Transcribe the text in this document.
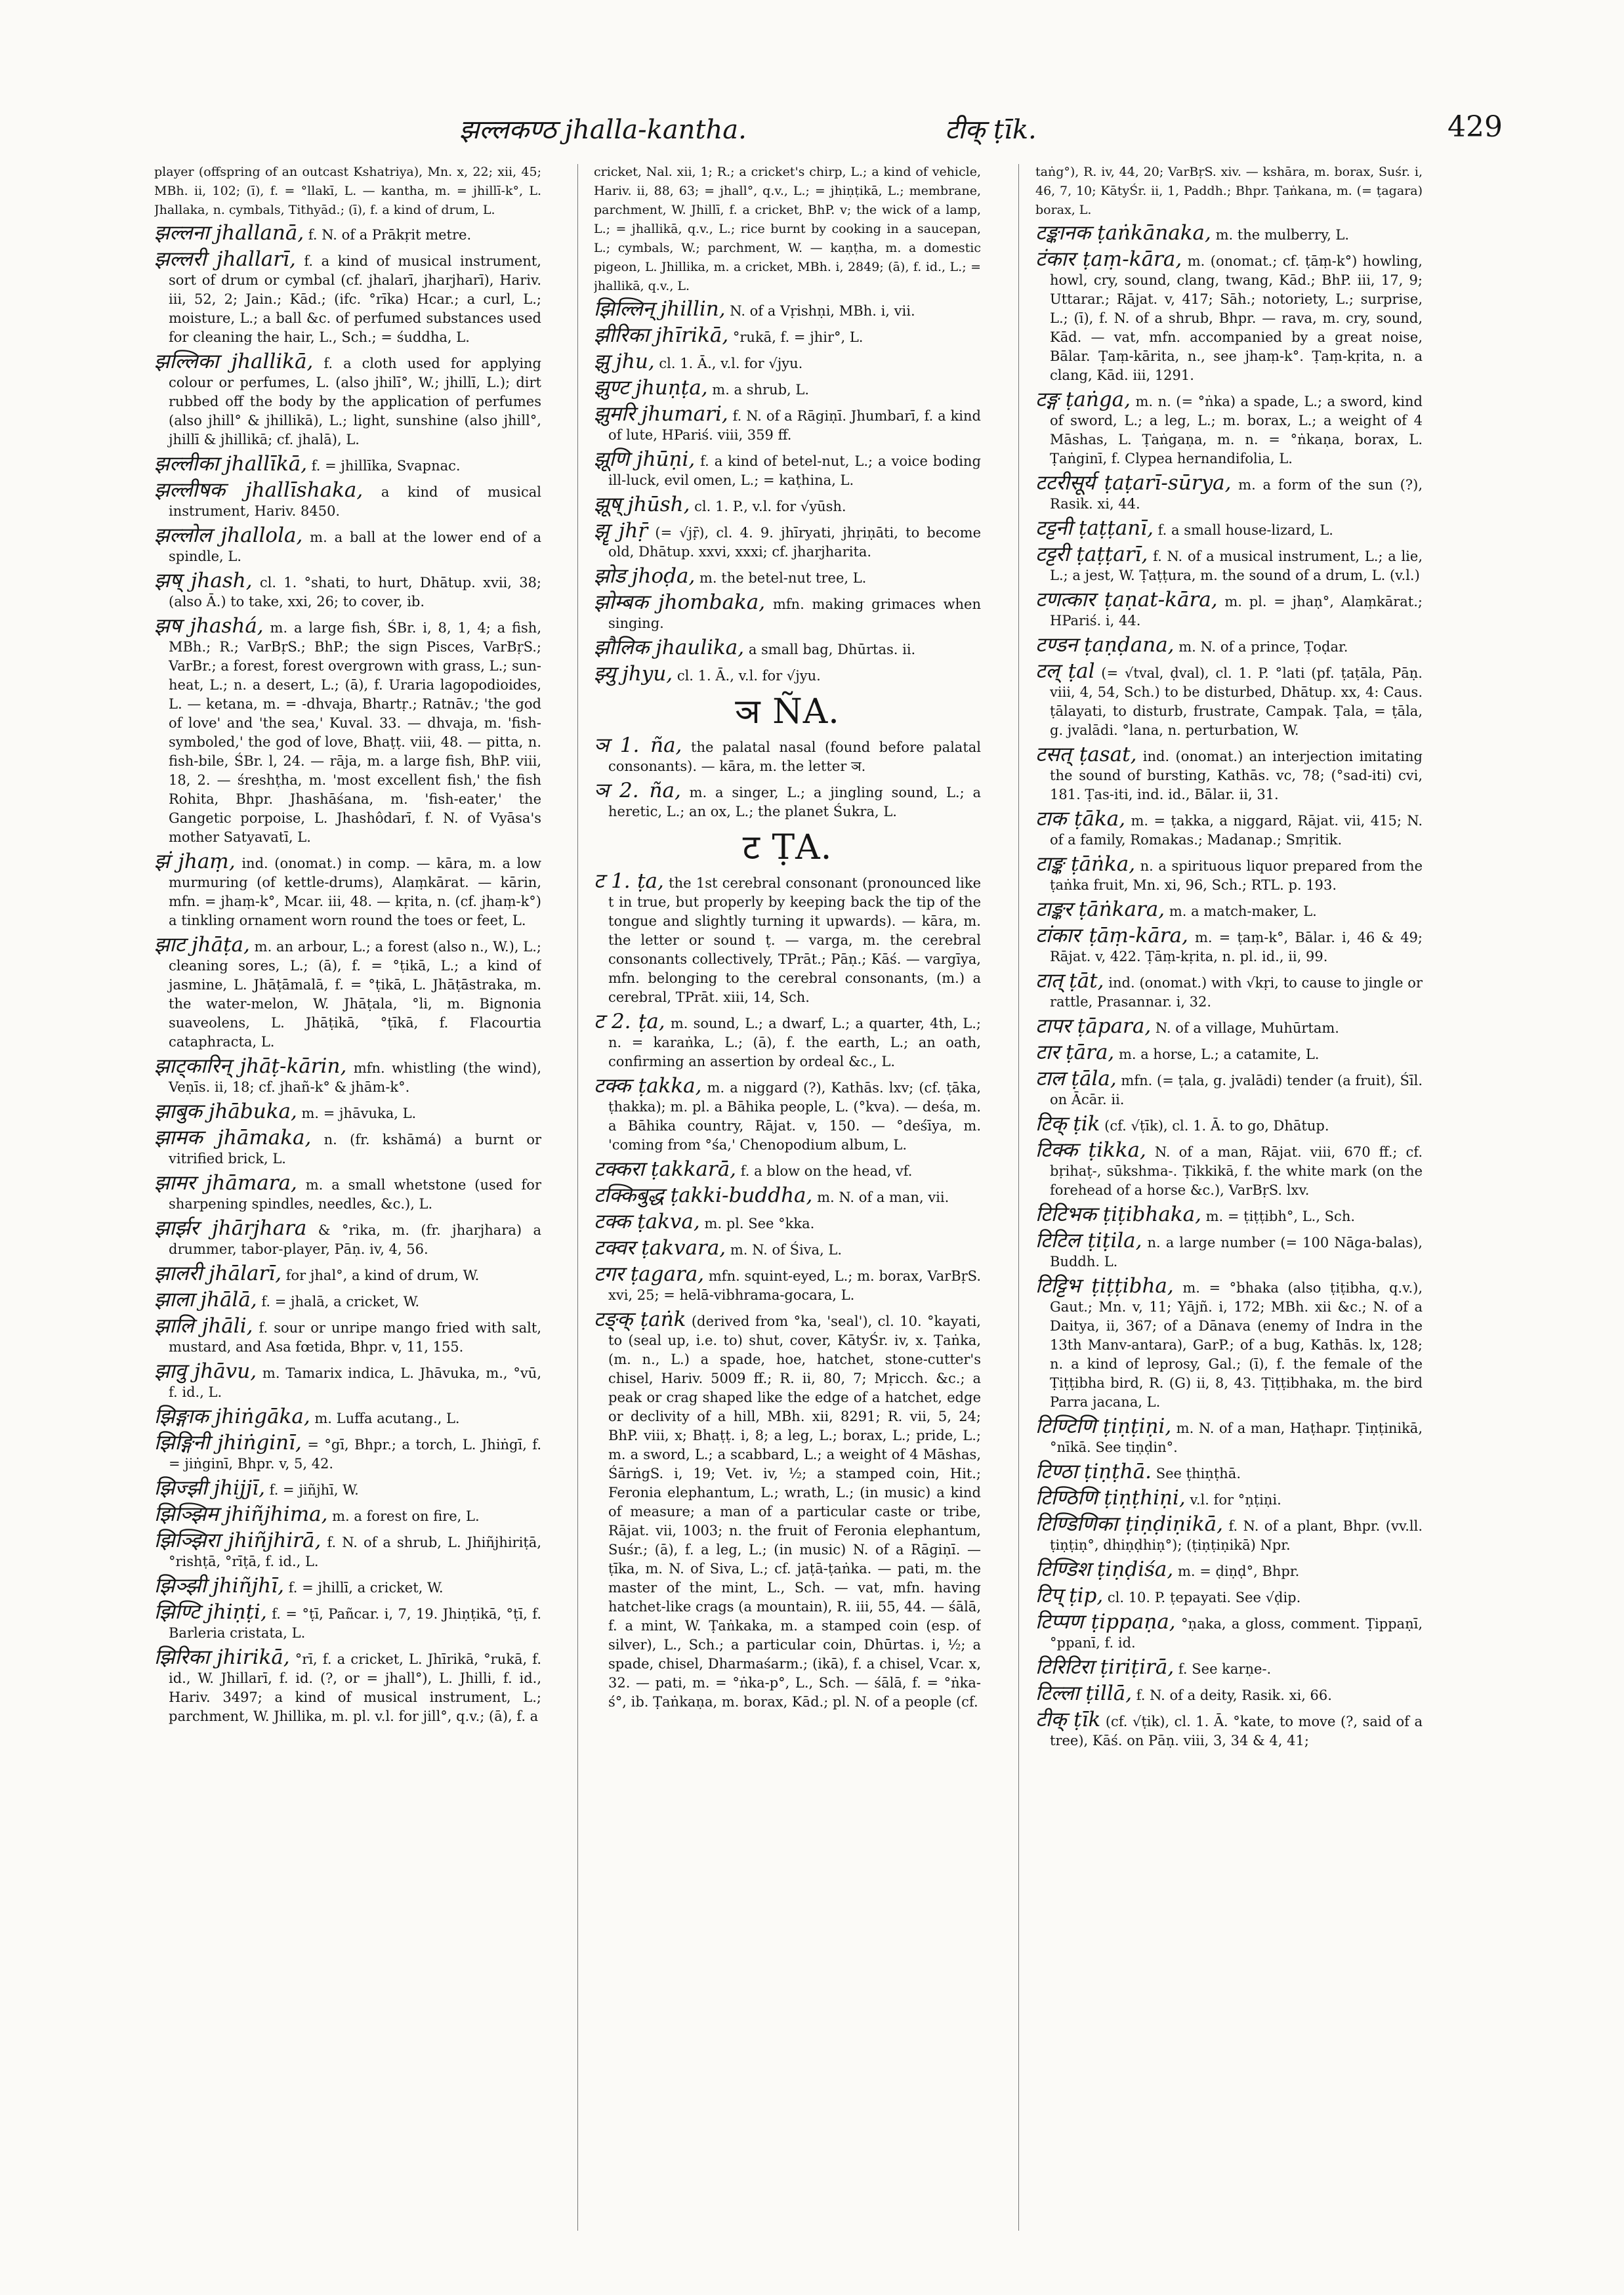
झल्लकण्ठ jhalla-kantha.	टीक् ṭīk.	429
player (offspring of an outcast Kshatriya), Mn. x, 22; xii, 45; MBh. ii, 102; (ī), f. = °llakī, L. — kantha, m. = jhillī-k°, L. Jhallaka, n. cymbals, Tithyād.; (ī), f. a kind of drum, L.
झल्लना jhallanā, f. N. of a Prākṛit metre.
झल्लरी jhallarī, f. a kind of musical instrument, sort of drum or cymbal (cf. jhalarī, jharjharī), Hariv. iii, 52, 2; Jain.; Kād.; (ifc. °rīka) Hcar.; a curl, L.; moisture, L.; a ball &c. of perfumed substances used for cleaning the hair, L., Sch.; = śuddha, L.
झल्लिका jhallikā, f. a cloth used for applying colour or perfumes, L. (also jhilī°, W.; jhillī, L.); dirt rubbed off the body by the application of perfumes (also jhill° & jhillikā), L.; light, sunshine (also jhill°, jhillī & jhillikā; cf. jhalā), L.
झल्लीका jhallīkā, f. = jhillīka, Svapnac.
झल्लीषक jhallīshaka, a kind of musical instrument, Hariv. 8450.
झल्लोल jhallola, m. a ball at the lower end of a spindle, L.
झष् jhash, cl. 1. °shati, to hurt, Dhātup. xvii, 38; (also Ā.) to take, xxi, 26; to cover, ib.
झष jhashá, m. a large fish, ŚBr. i, 8, 1, 4; a fish, MBh.; R.; VarBṛS.; BhP.; the sign Pisces, VarBṛS.; VarBr.; a forest, forest overgrown with grass, L.; sun-heat, L.; n. a desert, L.; (ā), f. Uraria lagopodioides, L. — ketana, m. = -dhvaja, Bhartṛ.; Ratnāv.; 'the god of love' and 'the sea,' Kuval. 33. — dhvaja, m. 'fish-symboled,' the god of love, Bhaṭṭ. viii, 48. — pitta, n. fish-bile, ŚBr. l, 24. — rāja, m. a large fish, BhP. viii, 18, 2. — śreshṭha, m. 'most excellent fish,' the fish Rohita, Bhpr. Jhashāśana, m. 'fish-eater,' the Gangetic porpoise, L. Jhashôdarī, f. N. of Vyāsa's mother Satyavatī, L.
झं jhaṃ, ind. (onomat.) in comp. — kāra, m. a low murmuring (of kettle-drums), Alaṃkārat. — kārin, mfn. = jhaṃ-k°, Mcar. iii, 48. — kṛita, n. (cf. jhaṃ-k°) a tinkling ornament worn round the toes or feet, L.
झाट jhāṭa, m. an arbour, L.; a forest (also n., W.), L.; cleaning sores, L.; (ā), f. = °ṭikā, L.; a kind of jasmine, L. Jhāṭāmalā, f. = °ṭikā, L. Jhāṭāstraka, m. the water-melon, W. Jhāṭala, °li, m. Bignonia suaveolens, L. Jhāṭikā, °ṭīkā, f. Flacourtia cataphracta, L.
झाट्कारिन् jhāṭ-kārin, mfn. whistling (the wind), Veṇīs. ii, 18; cf. jhañ-k° & jhām-k°.
झाबुक jhābuka, m. = jhāvuka, L.
झामक jhāmaka, n. (fr. kshāmá) a burnt or vitrified brick, L.
झामर jhāmara, m. a small whetstone (used for sharpening spindles, needles, &c.), L.
झार्झर jhārjhara & °rika, m. (fr. jharjhara) a drummer, tabor-player, Pāṇ. iv, 4, 56.
झालरी jhālarī, for jhal°, a kind of drum, W.
झाला jhālā, f. = jhalā, a cricket, W.
झालि jhāli, f. sour or unripe mango fried with salt, mustard, and Asa fœtida, Bhpr. v, 11, 155.
झावु jhāvu, m. Tamarix indica, L. Jhāvuka, m., °vū, f. id., L.
झिङ्गाक jhiṅgāka, m. Luffa acutang., L.
झिङ्गिनी jhiṅginī, = °gī, Bhpr.; a torch, L. Jhiṅgī, f. = jiṅginī, Bhpr. v, 5, 42.
झिज्झी jhijjī, f. = jiñjhī, W.
झिञ्झिम jhiñjhima, m. a forest on fire, L.
झिञ्झिरा jhiñjhirā, f. N. of a shrub, L. Jhiñjhiriṭā, °rishṭā, °rīṭā, f. id., L.
झिञ्झी jhiñjhī, f. = jhillī, a cricket, W.
झिण्टि jhiṇṭi, f. = °ṭī, Pañcar. i, 7, 19. Jhiṇṭikā, °ṭī, f. Barleria cristata, L.
झिरिका jhirikā, °rī, f. a cricket, L. Jhīrikā, °rukā, f. id., W. Jhillarī, f. id. (?, or = jhall°), L. Jhilli, f. id., Hariv. 3497; a kind of musical instrument, L.; parchment, W. Jhillika, m. pl. v.l. for jill°, q.v.; (ā), f. a
cricket, Nal. xii, 1; R.; a cricket's chirp, L.; a kind of vehicle, Hariv. ii, 88, 63; = jhall°, q.v., L.; = jhiṇṭikā, L.; membrane, parchment, W. Jhillī, f. a cricket, BhP. v; the wick of a lamp, L.; = jhallikā, q.v., L.; rice burnt by cooking in a saucepan, L.; cymbals, W.; parchment, W. — kaṇṭha, m. a domestic pigeon, L. Jhillika, m. a cricket, MBh. i, 2849; (ā), f. id., L.; = jhallikā, q.v., L.
झिल्लिन् jhillin, N. of a Vṛishṇi, MBh. i, vii.
झीरिका jhīrikā, °rukā, f. = jhir°, L.
झु jhu, cl. 1. Ā., v.l. for √jyu.
झुण्ट jhuṇṭa, m. a shrub, L.
झुमरि jhumari, f. N. of a Rāgiṇī. Jhumbarī, f. a kind of lute, HPariś. viii, 359 ff.
झूणि jhūṇi, f. a kind of betel-nut, L.; a voice boding ill-luck, evil omen, L.; = kaṭhina, L.
झूष् jhūsh, cl. 1. P., v.l. for √yūsh.
झॄ jhṝ (= √jṝ), cl. 4. 9. jhīryati, jhṛiṇāti, to become old, Dhātup. xxvi, xxxi; cf. jharjharita.
झोड jhoḍa, m. the betel-nut tree, L.
झोम्बक jhombaka, mfn. making grimaces when singing.
झौलिक jhaulika, a small bag, Dhūrtas. ii.
झ्यु jhyu, cl. 1. Ā., v.l. for √jyu.
ञ ÑA.
ञ 1. ña, the palatal nasal (found before palatal consonants). — kāra, m. the letter ञ.
ञ 2. ña, m. a singer, L.; a jingling sound, L.; a heretic, L.; an ox, L.; the planet Śukra, L.
ट ṬA.
ट 1. ṭa, the 1st cerebral consonant (pronounced like t in true, but properly by keeping back the tip of the tongue and slightly turning it upwards). — kāra, m. the letter or sound ṭ. — varga, m. the cerebral consonants collectively, TPrāt.; Pāṇ.; Kāś. — vargīya, mfn. belonging to the cerebral consonants, (m.) a cerebral, TPrāt. xiii, 14, Sch.
ट 2. ṭa, m. sound, L.; a dwarf, L.; a quarter, 4th, L.; n. = karaṅka, L.; (ā), f. the earth, L.; an oath, confirming an assertion by ordeal &c., L.
टक्क ṭakka, m. a niggard (?), Kathās. lxv; (cf. ṭāka, ṭhakka); m. pl. a Bāhika people, L. (°kva). — deśa, m. a Bāhika country, Rājat. v, 150. — °deśīya, m. 'coming from °śa,' Chenopodium album, L.
टक्करा ṭakkarā, f. a blow on the head, vf.
टक्किबुद्ध ṭakki-buddha, m. N. of a man, vii.
टक्क ṭakva, m. pl. See °kka.
टक्वर ṭakvara, m. N. of Śiva, L.
टगर ṭagara, mfn. squint-eyed, L.; m. borax, VarBṛS. xvi, 25; = helā-vibhrama-gocara, L.
टङ्क् ṭaṅk (derived from °ka, 'seal'), cl. 10. °kayati, to (seal up, i.e. to) shut, cover, KātyŚr. iv, x. Ṭaṅka, (m. n., L.) a spade, hoe, hatchet, stone-cutter's chisel, Hariv. 5009 ff.; R. ii, 80, 7; Mṛicch. &c.; a peak or crag shaped like the edge of a hatchet, edge or declivity of a hill, MBh. xii, 8291; R. vii, 5, 24; BhP. viii, x; Bhaṭṭ. i, 8; a leg, L.; borax, L.; pride, L.; m. a sword, L.; a scabbard, L.; a weight of 4 Māshas, ŚārṅgS. i, 19; Vet. iv, ½; a stamped coin, Hit.; Feronia elephantum, L.; wrath, L.; (in music) a kind of measure; a man of a particular caste or tribe, Rājat. vii, 1003; n. the fruit of Feronia elephantum, Suśr.; (ā), f. a leg, L.; (in music) N. of a Rāgiṇī. — ṭīka, m. N. of Siva, L.; cf. jaṭā-ṭaṅka. — pati, m. the master of the mint, L., Sch. — vat, mfn. having hatchet-like crags (a mountain), R. iii, 55, 44. — śālā, f. a mint, W. Ṭaṅkaka, m. a stamped coin (esp. of silver), L., Sch.; a particular coin, Dhūrtas. i, ½; a spade, chisel, Dharmaśarm.; (ikā), f. a chisel, Vcar. x, 32. — pati, m. = °ṅka-p°, L., Sch. — śālā, f. = °ṅka-ś°, ib. Ṭaṅkaṇa, m. borax, Kād.; pl. N. of a people (cf.
taṅg°), R. iv, 44, 20; VarBṛS. xiv. — kshāra, m. borax, Suśr. i, 46, 7, 10; KātyŚr. ii, 1, Paddh.; Bhpr. Ṭaṅkana, m. (= ṭagara) borax, L.
टङ्कानक ṭaṅkānaka, m. the mulberry, L.
टंकार ṭaṃ-kāra, m. (onomat.; cf. ṭāṃ-k°) howling, howl, cry, sound, clang, twang, Kād.; BhP. iii, 17, 9; Uttarar.; Rājat. v, 417; Sāh.; notoriety, L.; surprise, L.; (ī), f. N. of a shrub, Bhpr. — rava, m. cry, sound, Kād. — vat, mfn. accompanied by a great noise, Bālar. Ṭaṃ-kārita, n., see jhaṃ-k°. Ṭaṃ-kṛita, n. a clang, Kād. iii, 1291.
टङ्ग ṭaṅga, m. n. (= °ṅka) a spade, L.; a sword, kind of sword, L.; a leg, L.; m. borax, L.; a weight of 4 Māshas, L. Ṭaṅgaṇa, m. n. = °ṅkaṇa, borax, L. Ṭaṅginī, f. Clypea hernandifolia, L.
टटरीसूर्य ṭaṭarī-sūrya, m. a form of the sun (?), Rasik. xi, 44.
टट्टनी ṭaṭṭanī, f. a small house-lizard, L.
टट्टरी ṭaṭṭarī, f. N. of a musical instrument, L.; a lie, L.; a jest, W. Ṭaṭṭura, m. the sound of a drum, L. (v.l.)
टणत्कार ṭaṇat-kāra, m. pl. = jhaṇ°, Alaṃkārat.; HPariś. i, 44.
टण्डन ṭaṇḍana, m. N. of a prince, Ṭoḍar.
टल् ṭal (= √tval, ḍval), cl. 1. P. °lati (pf. ṭaṭāla, Pāṇ. viii, 4, 54, Sch.) to be disturbed, Dhātup. xx, 4: Caus. ṭālayati, to disturb, frustrate, Campak. Ṭala, = ṭāla, g. jvalādi. °lana, n. perturbation, W.
टसत् ṭasat, ind. (onomat.) an interjection imitating the sound of bursting, Kathās. vc, 78; (°sad-iti) cvi, 181. Ṭas-iti, ind. id., Bālar. ii, 31.
टाक ṭāka, m. = ṭakka, a niggard, Rājat. vii, 415; N. of a family, Romakas.; Madanap.; Smṛitik.
टाङ्क ṭāṅka, n. a spirituous liquor prepared from the ṭaṅka fruit, Mn. xi, 96, Sch.; RTL. p. 193.
टाङ्कर ṭāṅkara, m. a match-maker, L.
टांकार ṭāṃ-kāra, m. = ṭaṃ-k°, Bālar. i, 46 & 49; Rājat. v, 422. Ṭāṃ-kṛita, n. pl. id., ii, 99.
टात् ṭāt, ind. (onomat.) with √kṛi, to cause to jingle or rattle, Prasannar. i, 32.
टापर ṭāpara, N. of a village, Muhūrtam.
टार ṭāra, m. a horse, L.; a catamite, L.
टाल ṭāla, mfn. (= ṭala, g. jvalādi) tender (a fruit), Śīl. on Ācār. ii.
टिक् ṭik (cf. √ṭīk), cl. 1. Ā. to go, Dhātup.
टिक्क ṭikka, N. of a man, Rājat. viii, 670 ff.; cf. bṛihaṭ-, sūkshma-. Ṭikkikā, f. the white mark (on the forehead of a horse &c.), VarBṛS. lxv.
टिटिभक ṭiṭibhaka, m. = ṭiṭṭibh°, L., Sch.
टिटिल ṭiṭila, n. a large number (= 100 Nāga-balas), Buddh. L.
टिट्टिभ ṭiṭṭibha, m. = °bhaka (also ṭiṭibha, q.v.), Gaut.; Mn. v, 11; Yājñ. i, 172; MBh. xii &c.; N. of a Daitya, ii, 367; of a Dānava (enemy of Indra in the 13th Manv-antara), GarP.; of a bug, Kathās. lx, 128; n. a kind of leprosy, Gal.; (ī), f. the female of the Ṭiṭṭibha bird, R. (G) ii, 8, 43. Ṭiṭṭibhaka, m. the bird Parra jacana, L.
टिण्टिणि ṭiṇṭiṇi, m. N. of a man, Haṭhapr. Ṭiṇṭinikā, °nīkā. See tiṇḍin°.
टिण्ठा ṭiṇṭhā. See ṭhiṇṭhā.
टिण्ठिणि ṭiṇṭhiṇi, v.l. for °ṇṭiṇi.
टिण्डिणिका ṭiṇḍiṇikā, f. N. of a plant, Bhpr. (vv.ll. ṭiṇṭiṇ°, dhiṇḍhiṇ°); (ṭiṇṭiṇikā) Npr.
टिण्डिश ṭiṇḍiśa, m. = ḍiṇḍ°, Bhpr.
टिप् ṭip, cl. 10. P. ṭepayati. See √ḍip.
टिप्पण ṭippaṇa, °ṇaka, a gloss, comment. Ṭippaṇī, °ppanī, f. id.
टिरिटिरा ṭiriṭirā, f. See karṇe-.
टिल्ला ṭillā, f. N. of a deity, Rasik. xi, 66.
टीक् ṭīk (cf. √ṭik), cl. 1. Ā. °kate, to move (?, said of a tree), Kāś. on Pāṇ. viii, 3, 34 & 4, 41;
